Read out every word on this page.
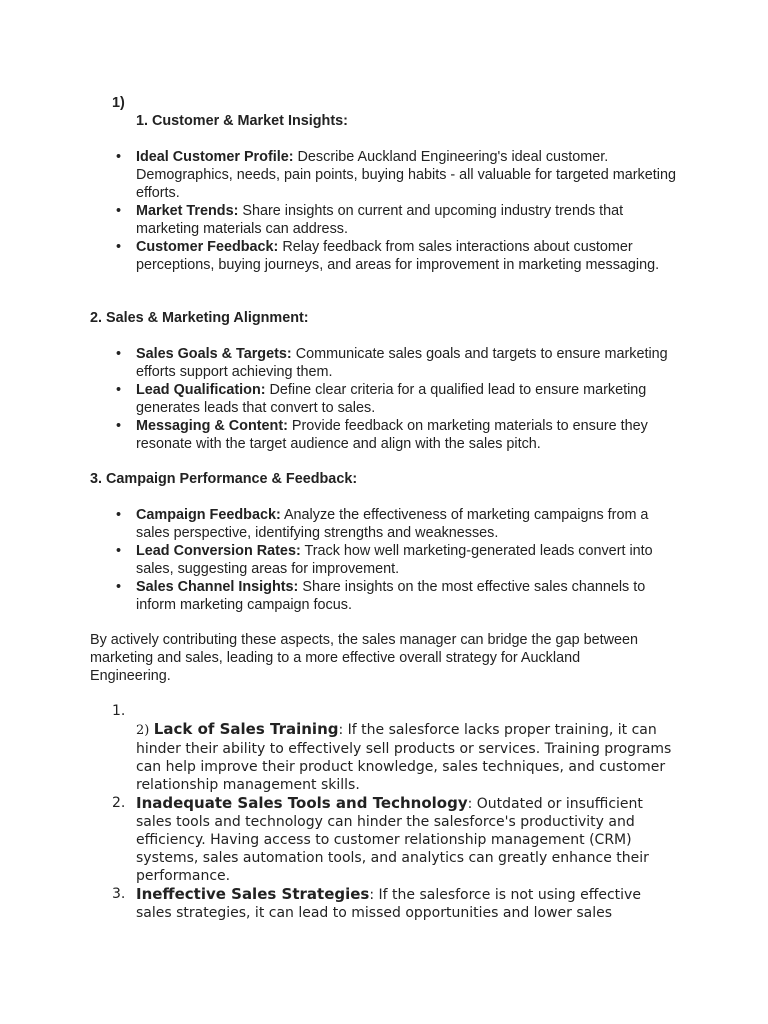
1)
1. Customer & Market Insights:
• Ideal Customer Profile: Describe Auckland Engineering's ideal customer. Demographics, needs, pain points, buying habits - all valuable for targeted marketing efforts.
• Market Trends: Share insights on current and upcoming industry trends that marketing materials can address.
• Customer Feedback: Relay feedback from sales interactions about customer perceptions, buying journeys, and areas for improvement in marketing messaging.
2. Sales & Marketing Alignment:
• Sales Goals & Targets: Communicate sales goals and targets to ensure marketing efforts support achieving them.
• Lead Qualification: Define clear criteria for a qualified lead to ensure marketing generates leads that convert to sales.
• Messaging & Content: Provide feedback on marketing materials to ensure they resonate with the target audience and align with the sales pitch.
3. Campaign Performance & Feedback:
• Campaign Feedback: Analyze the effectiveness of marketing campaigns from a sales perspective, identifying strengths and weaknesses.
• Lead Conversion Rates: Track how well marketing-generated leads convert into sales, suggesting areas for improvement.
• Sales Channel Insights: Share insights on the most effective sales channels to inform marketing campaign focus.
By actively contributing these aspects, the sales manager can bridge the gap between marketing and sales, leading to a more effective overall strategy for Auckland Engineering.
1.
2) Lack of Sales Training: If the salesforce lacks proper training, it can hinder their ability to effectively sell products or services. Training programs can help improve their product knowledge, sales techniques, and customer relationship management skills.
2. Inadequate Sales Tools and Technology: Outdated or insufficient sales tools and technology can hinder the salesforce's productivity and efficiency. Having access to customer relationship management (CRM) systems, sales automation tools, and analytics can greatly enhance their performance.
3. Ineffective Sales Strategies: If the salesforce is not using effective sales strategies, it can lead to missed opportunities and lower sales
